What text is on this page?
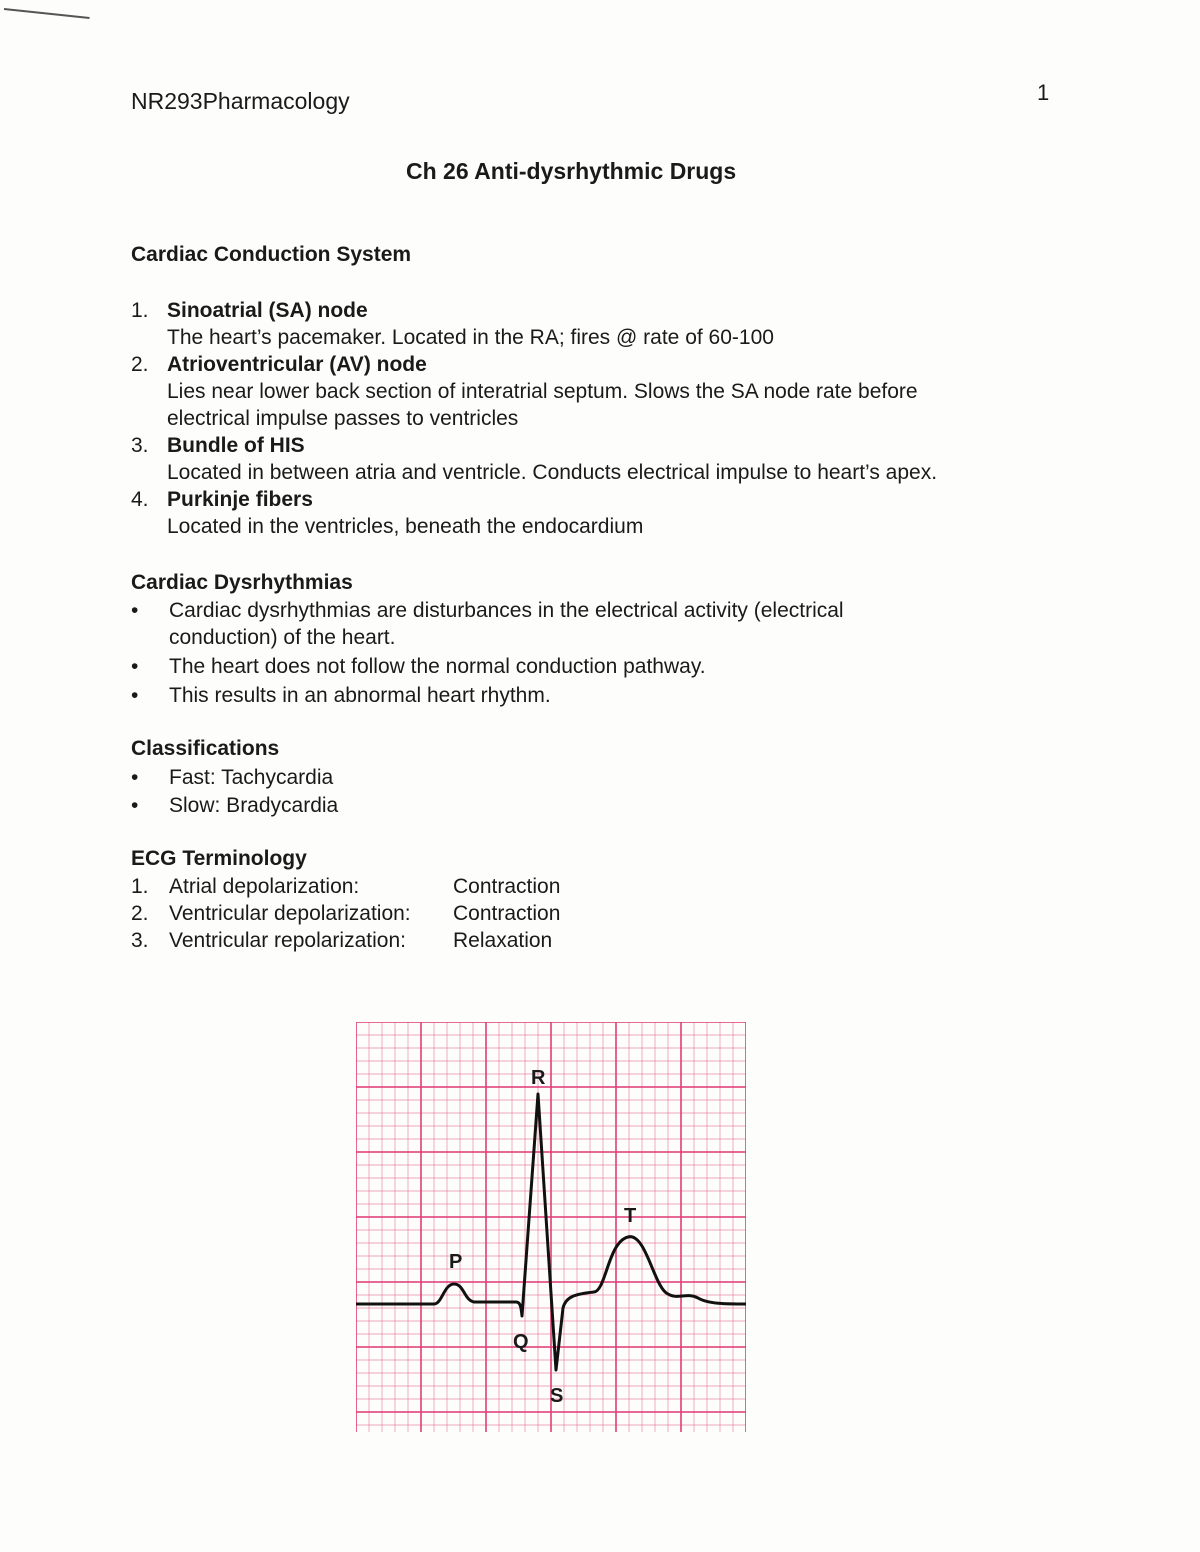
NR293Pharmacology	1
Ch 26 Anti-dysrhythmic Drugs
Cardiac Conduction System
1. Sinoatrial (SA) node
The heart’s pacemaker. Located in the RA; fires @ rate of 60-100
2. Atrioventricular (AV) node
Lies near lower back section of interatrial septum. Slows the SA node rate before
electrical impulse passes to ventricles
3. Bundle of HIS
Located in between atria and ventricle. Conducts electrical impulse to heart’s apex.
4. Purkinje fibers
Located in the ventricles, beneath the endocardium
Cardiac Dysrhythmias
•	Cardiac dysrhythmias are disturbances in the electrical activity (electrical
conduction) of the heart.
•	The heart does not follow the normal conduction pathway.
•	This results in an abnormal heart rhythm.
Classifications
•	Fast: Tachycardia
•	Slow: Bradycardia
ECG Terminology
1. Atrial depolarization:	Contraction
2. Ventricular depolarization: Contraction
3. Ventricular repolarization: Relaxation
P
Q
R
S
T
